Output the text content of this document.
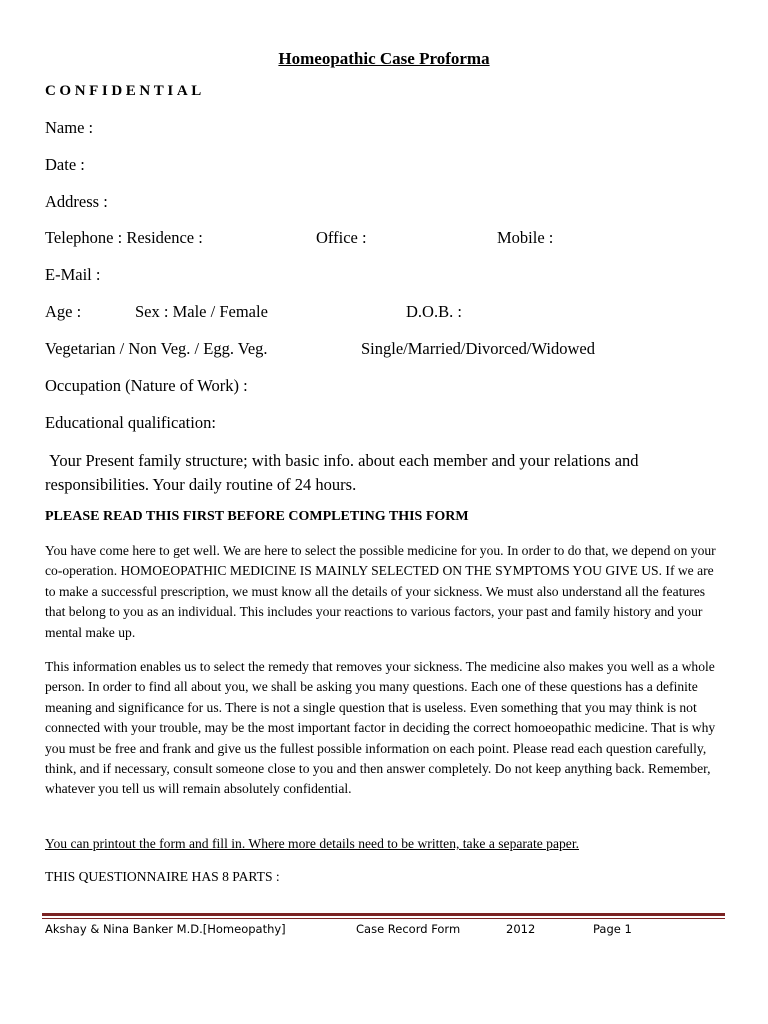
Homeopathic Case Proforma
CONFIDENTIAL
Name :
Date :
Address :
Telephone : Residence :	Office :	Mobile :
E-Mail :
Age :	Sex : Male / Female	D.O.B. :
Vegetarian / Non Veg. / Egg. Veg.	Single/Married/Divorced/Widowed
Occupation (Nature of Work) :
Educational qualification:

Your Present family structure; with basic info. about each member and your relations and responsibilities. Your daily routine of 24 hours.

PLEASE READ THIS FIRST BEFORE COMPLETING THIS FORM

You have come here to get well. We are here to select the possible medicine for you. In order to do that, we depend on your co-operation. HOMOEOPATHIC MEDICINE IS MAINLY SELECTED ON THE SYMPTOMS YOU GIVE US. If we are to make a successful prescription, we must know all the details of your sickness. We must also understand all the features that belong to you as an individual. This includes your reactions to various factors, your past and family history and your mental make up.

This information enables us to select the remedy that removes your sickness. The medicine also makes you well as a whole person. In order to find all about you, we shall be asking you many questions. Each one of these questions has a definite meaning and significance for us. There is not a single question that is useless. Even something that you may think is not connected with your trouble, may be the most important factor in deciding the correct homoeopathic medicine. That is why you must be free and frank and give us the fullest possible information on each point. Please read each question carefully, think, and if necessary, consult someone close to you and then answer completely. Do not keep anything back. Remember, whatever you tell us will remain absolutely confidential.

You can printout the form and fill in. Where more details need to be written, take a separate paper.

THIS QUESTIONNAIRE HAS 8 PARTS :

Akshay & Nina Banker M.D.[Homeopathy]	Case Record Form	2012	Page 1
